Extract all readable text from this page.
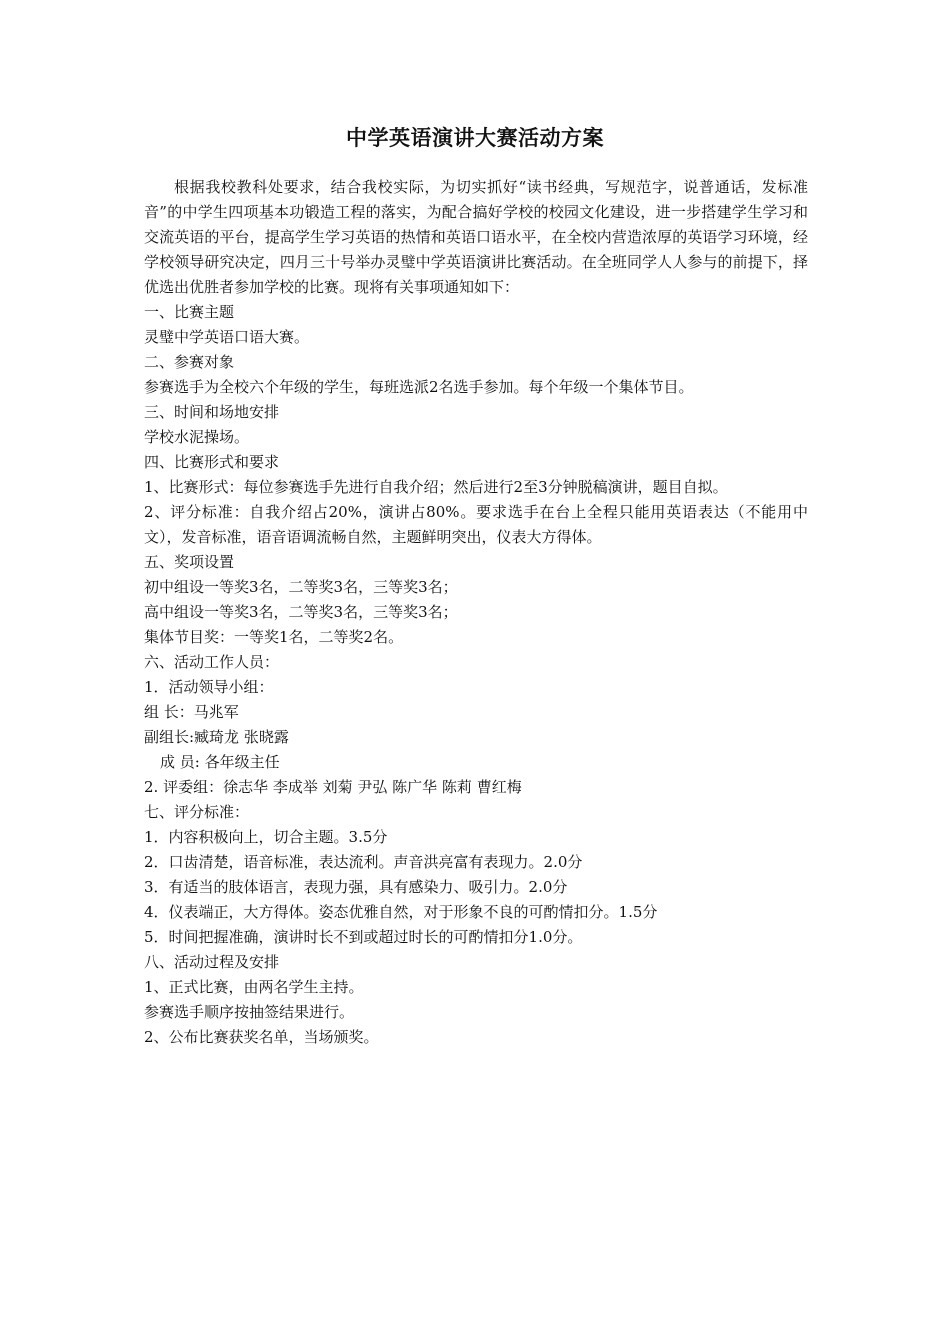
中学英语演讲大赛活动方案

根据我校教科处要求，结合我校实际，为切实抓好“读书经典，写规范字，说普通话，发标准音”的中学生四项基本功锻造工程的落实，为配合搞好学校的校园文化建设，进一步搭建学生学习和交流英语的平台，提高学生学习英语的热情和英语口语水平，在全校内营造浓厚的英语学习环境，经学校领导研究决定，四月三十号举办灵璧中学英语演讲比赛活动。在全班同学人人参与的前提下，择优选出优胜者参加学校的比赛。现将有关事项通知如下：

一、比赛主题

灵璧中学英语口语大赛。

二、参赛对象

参赛选手为全校六个年级的学生，每班选派2名选手参加。每个年级一个集体节目。

三、时间和场地安排

学校水泥操场。

四、比赛形式和要求

1、比赛形式：每位参赛选手先进行自我介绍；然后进行2至3分钟脱稿演讲，题目自拟。

2、评分标准：自我介绍占20%，演讲占80%。要求选手在台上全程只能用英语表达（不能用中文），发音标准，语音语调流畅自然，主题鲜明突出，仪表大方得体。

五、奖项设置

初中组设一等奖3名，二等奖3名，三等奖3名；

高中组设一等奖3名，二等奖3名，三等奖3名；

集体节目奖：一等奖1名，二等奖2名。

六、活动工作人员：

1．活动领导小组：

组 长：马兆军

副组长:臧琦龙 张晓露

成 员: 各年级主任

2. 评委组：徐志华 李成举 刘菊 尹弘 陈广华 陈莉 曹红梅

七、评分标准：

1．内容积极向上，切合主题。3.5分

2．口齿清楚，语音标准，表达流利。声音洪亮富有表现力。2.0分

3．有适当的肢体语言，表现力强，具有感染力、吸引力。2.0分

4．仪表端正，大方得体。姿态优雅自然，对于形象不良的可酌情扣分。1.5分

5．时间把握准确，演讲时长不到或超过时长的可酌情扣分1.0分。

八、活动过程及安排

1、正式比赛，由两名学生主持。

参赛选手顺序按抽签结果进行。

2、公布比赛获奖名单，当场颁奖。
